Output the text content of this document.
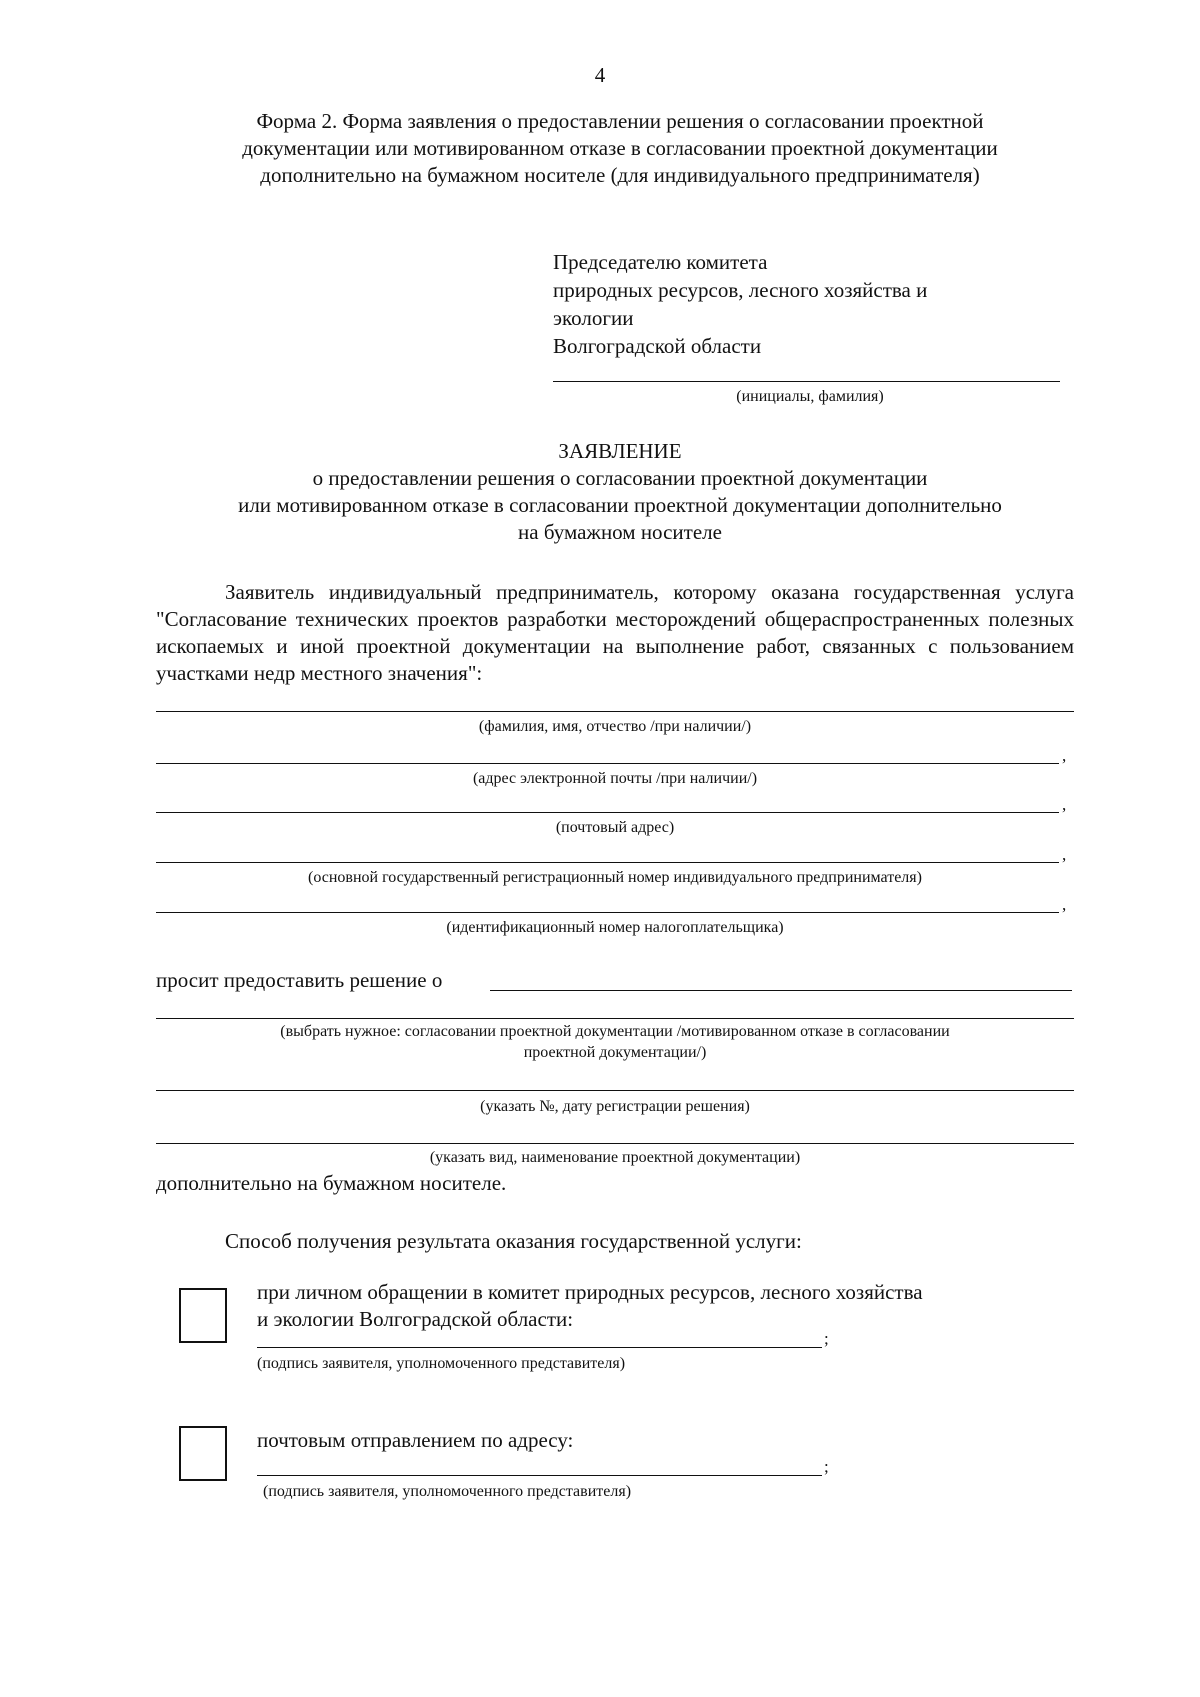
4
Форма 2. Форма заявления о предоставлении решения о согласовании проектной
документации или мотивированном отказе в согласовании проектной документации
дополнительно на бумажном носителе (для индивидуального предпринимателя)
Председателю комитета
природных ресурсов, лесного хозяйства и
экологии
Волгоградской области
(инициалы, фамилия)
ЗАЯВЛЕНИЕ
о предоставлении решения о согласовании проектной документации
или мотивированном отказе в согласовании проектной документации дополнительно
на бумажном носителе
Заявитель индивидуальный предприниматель, которому оказана государственная услуга "Согласование технических проектов разработки месторождений общераспространенных полезных ископаемых и иной проектной документации на выполнение работ, связанных с пользованием участками недр местного значения":
(фамилия, имя, отчество /при наличии/)
,
(адрес электронной почты /при наличии/)
,
(почтовый адрес)
,
(основной государственный регистрационный номер индивидуального предпринимателя)
,
(идентификационный номер налогоплательщика)
просит предоставить решение о
(выбрать нужное: согласовании проектной документации /мотивированном отказе в согласовании
проектной документации/)
(указать №, дату регистрации решения)
(указать вид, наименование проектной документации)
дополнительно на бумажном носителе.
Способ получения результата оказания государственной услуги:
при личном обращении в комитет природных ресурсов, лесного хозяйства
и экологии Волгоградской области:
;
(подпись заявителя, уполномоченного представителя)
почтовым отправлением по адресу:
;
(подпись заявителя, уполномоченного представителя)
